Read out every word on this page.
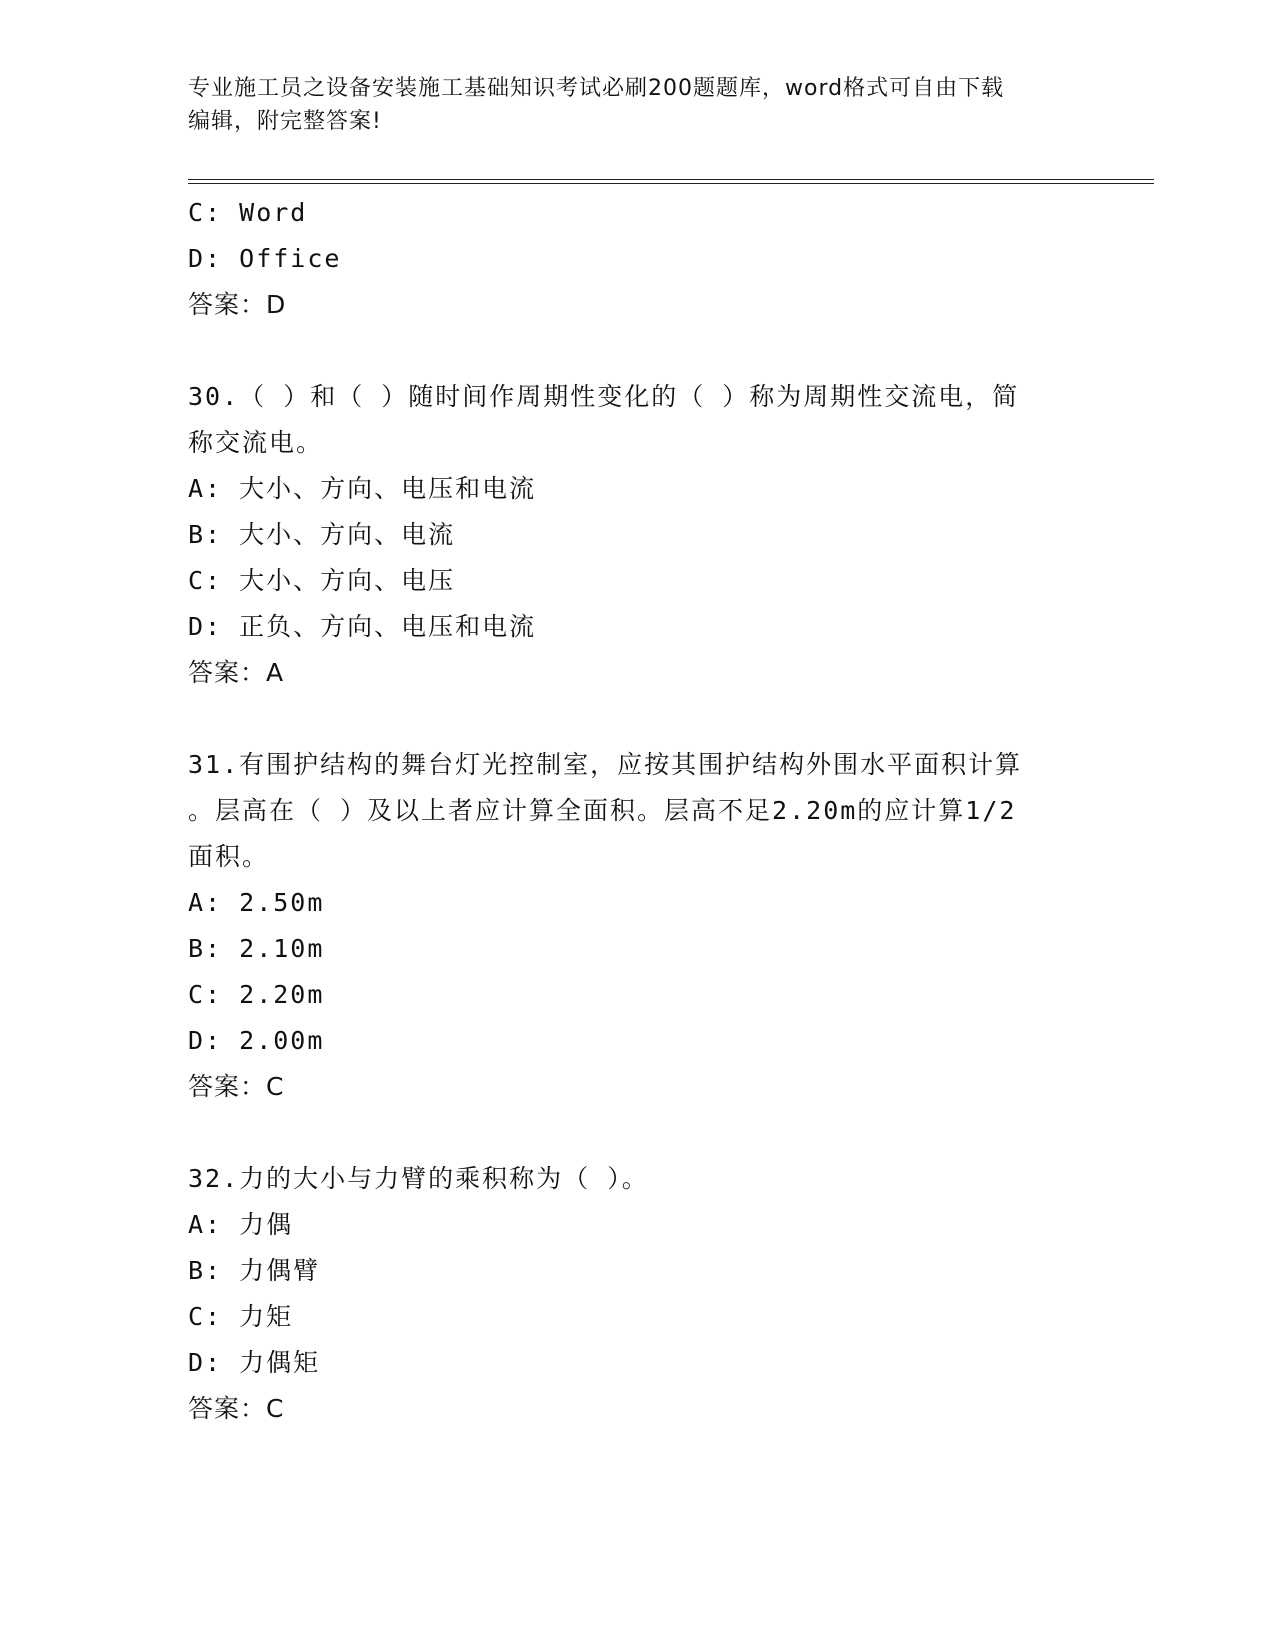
专业施工员之设备安装施工基础知识考试必刷200题题库，word格式可自由下载
编辑，附完整答案!
C: Word
D: Office
答案：D
30.（ ）和（ ）随时间作周期性变化的（ ）称为周期性交流电，简
称交流电。
A: 大小、方向、电压和电流
B: 大小、方向、电流
C: 大小、方向、电压
D: 正负、方向、电压和电流
答案：A
31.有围护结构的舞台灯光控制室，应按其围护结构外围水平面积计算
。层高在（ ）及以上者应计算全面积。层高不足2.20m的应计算1/2
面积。
A: 2.50m
B: 2.10m
C: 2.20m
D: 2.00m
答案：C
32.力的大小与力臂的乘积称为（ ）。
A: 力偶
B: 力偶臂
C: 力矩
D: 力偶矩
答案：C
